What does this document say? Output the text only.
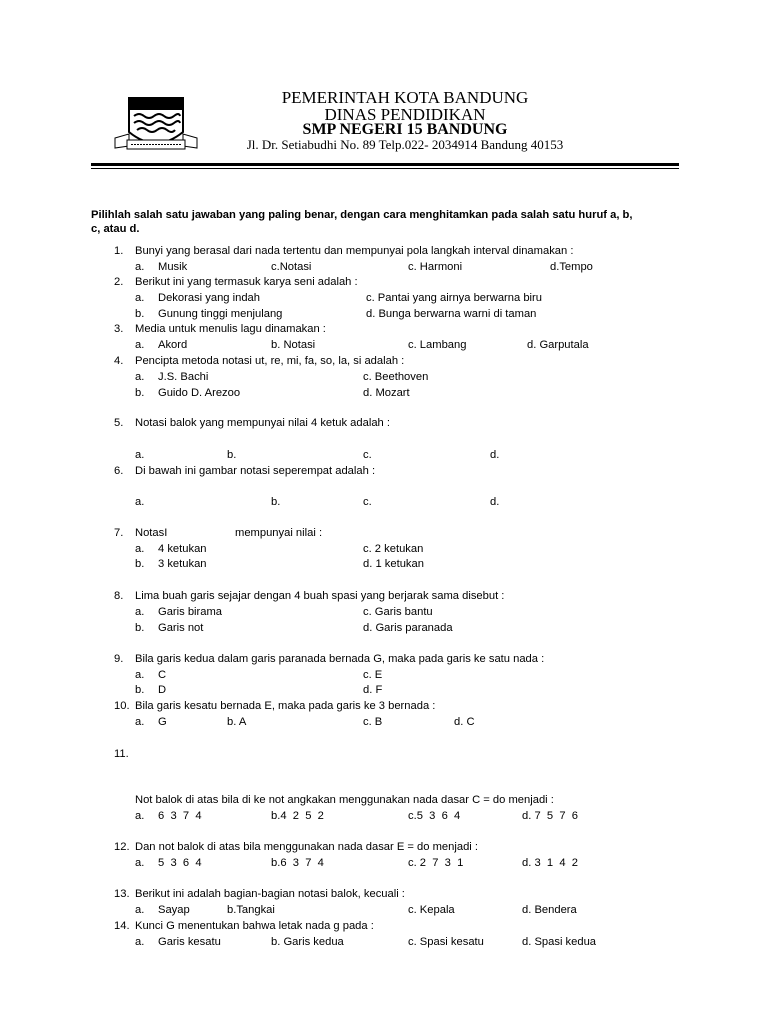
PEMERINTAH KOTA BANDUNG
DINAS PENDIDIKAN
SMP NEGERI 15 BANDUNG
Jl. Dr. Setiabudhi No. 89 Telp.022- 2034914 Bandung 40153
Pilihlah salah satu jawaban yang paling benar, dengan cara menghitamkan pada salah satu huruf a, b,
c, atau d.
1. Bunyi yang berasal dari nada tertentu dan mempunyai pola langkah interval dinamakan :
a. Musik	c.Notasi	c. Harmoni	d.Tempo
2. Berikut ini yang termasuk karya seni adalah :
a. Dekorasi yang indah	c. Pantai yang airnya berwarna biru
b. Gunung tinggi menjulang	d. Bunga berwarna warni di taman
3. Media untuk menulis lagu dinamakan :
a. Akord	b. Notasi	c. Lambang	d. Garputala
4. Pencipta metoda notasi ut, re, mi, fa, so, la, si adalah :
a. J.S. Bachi	c. Beethoven
b. Guido D. Arezoo	d. Mozart
5. Notasi balok yang mempunyai nilai 4 ketuk adalah :
a.	b.	c.	d.
6. Di bawah ini gambar notasi seperempat adalah :
a.	b.	c.	d.
7. NotasI	mempunyai nilai :
a. 4 ketukan	c. 2 ketukan
b. 3 ketukan	d. 1 ketukan
8. Lima buah garis sejajar dengan 4 buah spasi yang berjarak sama disebut :
a. Garis birama	c. Garis bantu
b. Garis not	d. Garis paranada
9. Bila garis kedua dalam garis paranada bernada G, maka pada garis ke satu nada :
a. C	c. E
b. D	d. F
10. Bila garis kesatu bernada E, maka pada garis ke 3 bernada :
a. G	b. A	c. B	d. C
11.
Not balok di atas bila di ke not angkakan menggunakan nada dasar C = do menjadi :
a. 6  3  7  4	b.4  2  5  2	c.5  3  6  4	d. 7  5  7  6
12. Dan not balok di atas bila menggunakan nada dasar E = do menjadi :
a. 5  3  6  4	b.6  3  7  4	c. 2  7  3  1	d. 3  1  4  2
13. Berikut ini adalah bagian-bagian notasi balok, kecuali :
a. Sayap	b.Tangkai	c. Kepala	d. Bendera
14. Kunci G menentukan bahwa letak nada g pada :
a. Garis kesatu	b. Garis kedua	c. Spasi kesatu	d. Spasi kedua
